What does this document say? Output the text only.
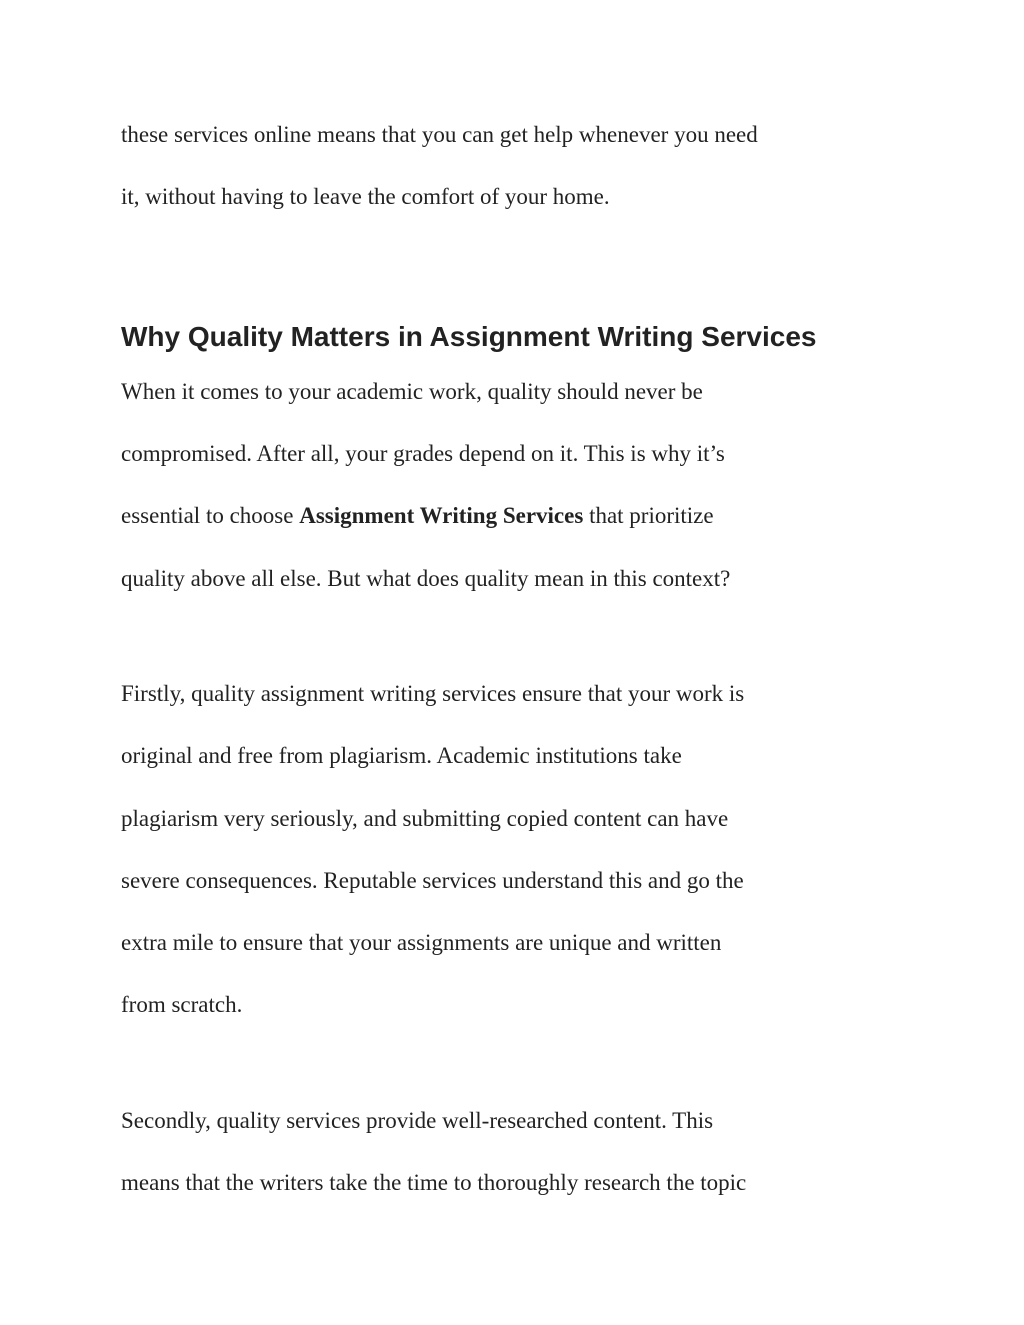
these services online means that you can get help whenever you need
it, without having to leave the comfort of your home.
Why Quality Matters in Assignment Writing Services
When it comes to your academic work, quality should never be
compromised. After all, your grades depend on it. This is why it’s
essential to choose Assignment Writing Services that prioritize
quality above all else. But what does quality mean in this context?
Firstly, quality assignment writing services ensure that your work is
original and free from plagiarism. Academic institutions take
plagiarism very seriously, and submitting copied content can have
severe consequences. Reputable services understand this and go the
extra mile to ensure that your assignments are unique and written
from scratch.
Secondly, quality services provide well-researched content. This
means that the writers take the time to thoroughly research the topic
